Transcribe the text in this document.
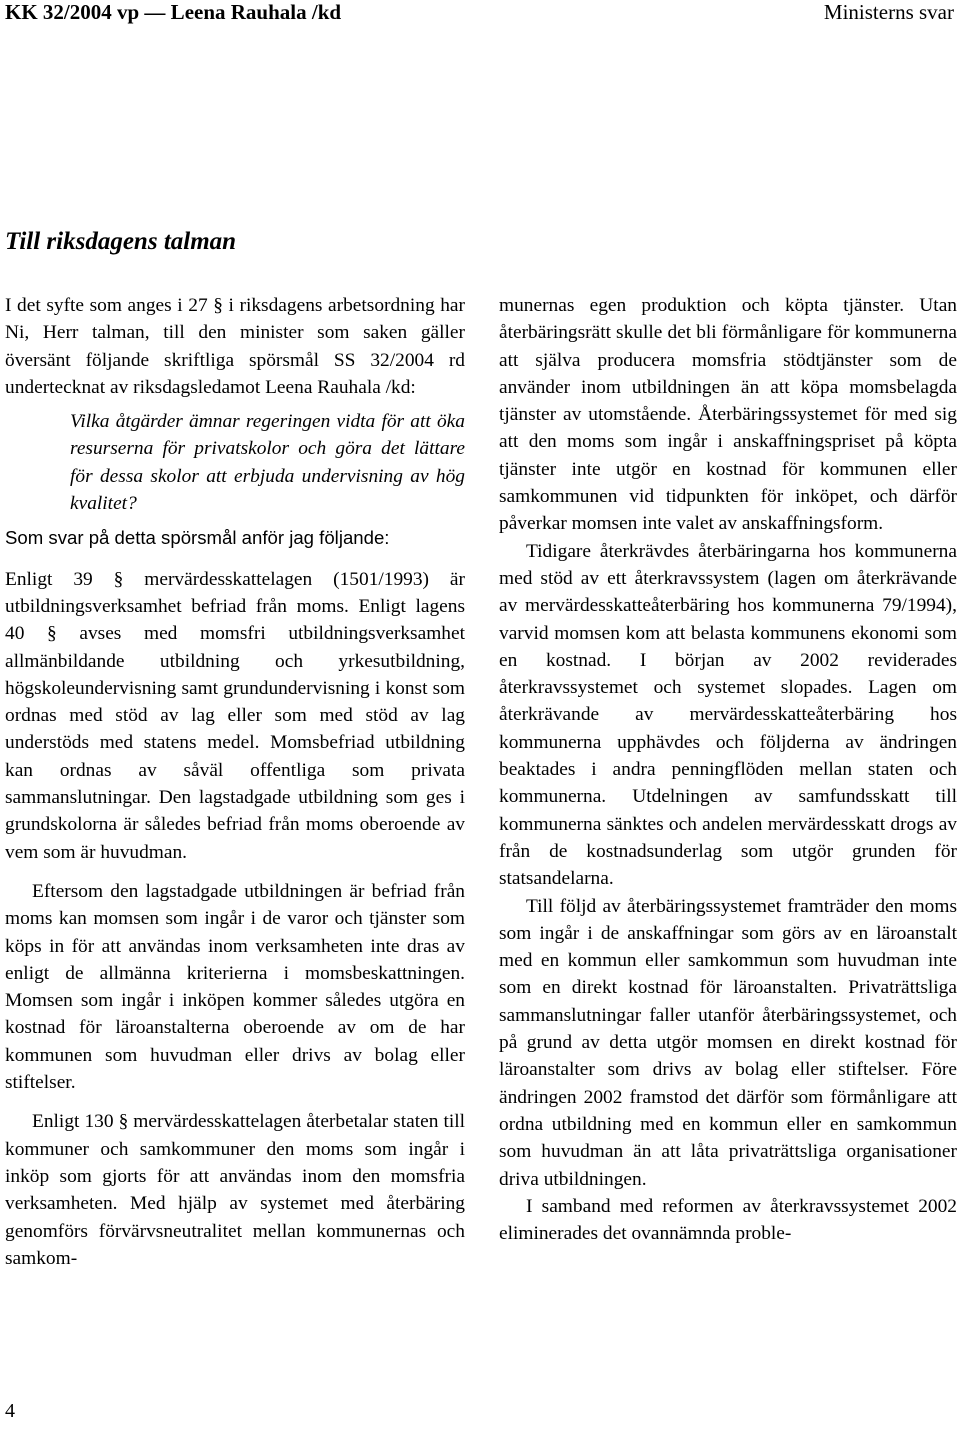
KK 32/2004 vp — Leena Rauhala /kd	Ministerns svar
Till riksdagens talman

I det syfte som anges i 27 § i riksdagens arbetsordning har Ni, Herr talman, till den minister som saken gäller översänt följande skriftliga spörsmål SS 32/2004 rd undertecknat av riksdagsledamot Leena Rauhala /kd:

Vilka åtgärder ämnar regeringen vidta för att öka resurserna för privatskolor och göra det lättare för dessa skolor att erbjuda undervisning av hög kvalitet?

Som svar på detta spörsmål anför jag följande:

Enligt 39 § mervärdesskattelagen (1501/1993) är utbildningsverksamhet befriad från moms. Enligt lagens 40 § avses med momsfri utbildningsverksamhet allmänbildande utbildning och yrkesutbildning, högskoleundervisning samt grundundervisning i konst som ordnas med stöd av lag eller som med stöd av lag understöds med statens medel. Momsbefriad utbildning kan ordnas av såväl offentliga som privata sammanslutningar. Den lagstadgade utbildning som ges i grundskolorna är således befriad från moms oberoende av vem som är huvudman.

Eftersom den lagstadgade utbildningen är befriad från moms kan momsen som ingår i de varor och tjänster som köps in för att användas inom verksamheten inte dras av enligt de allmänna kriterierna i momsbeskattningen. Momsen som ingår i inköpen kommer således utgöra en kostnad för läroanstalterna oberoende av om de har kommunen som huvudman eller drivs av bolag eller stiftelser.

Enligt 130 § mervärdesskattelagen återbetalar staten till kommuner och samkommuner den moms som ingår i inköp som gjorts för att användas inom den momsfria verksamheten. Med hjälp av systemet med återbäring genomförs förvärvsneutralitet mellan kommunernas och samkom-

munernas egen produktion och köpta tjänster. Utan återbäringsrätt skulle det bli förmånligare för kommunerna att själva producera momsfria stödtjänster som de använder inom utbildningen än att köpa momsbelagda tjänster av utomstående. Återbäringssystemet för med sig att den moms som ingår i anskaffningspriset på köpta tjänster inte utgör en kostnad för kommunen eller samkommunen vid tidpunkten för inköpet, och därför påverkar momsen inte valet av anskaffningsform.

Tidigare återkrävdes återbäringarna hos kommunerna med stöd av ett återkravssystem (lagen om återkrävande av mervärdesskatteåterbäring hos kommunerna 79/1994), varvid momsen kom att belasta kommunens ekonomi som en kostnad. I början av 2002 reviderades återkravssystemet och systemet slopades. Lagen om återkrävande av mervärdesskatteåterbäring hos kommunerna upphävdes och följderna av ändringen beaktades i andra penningflöden mellan staten och kommunerna. Utdelningen av samfundsskatt till kommunerna sänktes och andelen mervärdesskatt drogs av från de kostnadsunderlag som utgör grunden för statsandelarna.

Till följd av återbäringssystemet framträder den moms som ingår i de anskaffningar som görs av en läroanstalt med en kommun eller samkommun som huvudman inte som en direkt kostnad för läroanstalten. Privaträttsliga sammanslutningar faller utanför återbäringssystemet, och på grund av detta utgör momsen en direkt kostnad för läroanstalter som drivs av bolag eller stiftelser. Före ändringen 2002 framstod det därför som förmånligare att ordna utbildning med en kommun eller en samkommun som huvudman än att låta privaträttsliga organisationer driva utbildningen.

I samband med reformen av återkravssystemet 2002 eliminerades det ovannämnda proble-

4
